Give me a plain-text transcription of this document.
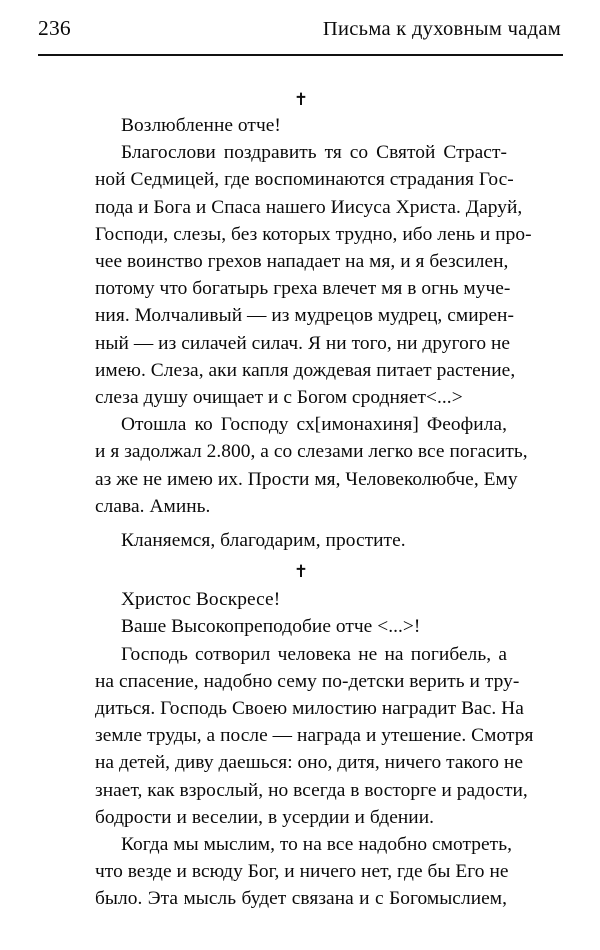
236	Письма к духовным чадам
✝
Возлюбленне отче!
Благослови поздравить тя со Святой Страст-
ной Седмицей, где воспоминаются страдания Гос-
пода и Бога и Спаса нашего Иисуса Христа. Даруй,
Господи, слезы, без которых трудно, ибо лень и про-
чее воинство грехов нападает на мя, и я безсилен,
потому что богатырь греха влечет мя в огнь муче-
ния. Молчаливый — из мудрецов мудрец, смирен-
ный — из силачей силач. Я ни того, ни другого не
имею. Слеза, аки капля дождевая питает растение,
слеза душу очищает и с Богом сродняет<...>
Отошла ко Господу сх[имонахиня] Феофила,
и я задолжал 2.800, а со слезами легко все погасить,
аз же не имею их. Прости мя, Человеколюбче, Ему
слава. Аминь.
Кланяемся, благодарим, простите.
✝
Христос Воскресе!
Ваше Высокопреподобие отче <...>!
Господь сотворил человека не на погибель, а
на спасение, надобно сему по-детски верить и тру-
диться. Господь Своею милостию наградит Вас. На
земле труды, а после — награда и утешение. Смотря
на детей, диву даешься: оно, дитя, ничего такого не
знает, как взрослый, но всегда в восторге и радости,
бодрости и веселии, в усердии и бдении.
Когда мы мыслим, то на все надобно смотреть,
что везде и всюду Бог, и ничего нет, где бы Его не
было. Эта мысль будет связана и с Богомыслием,
